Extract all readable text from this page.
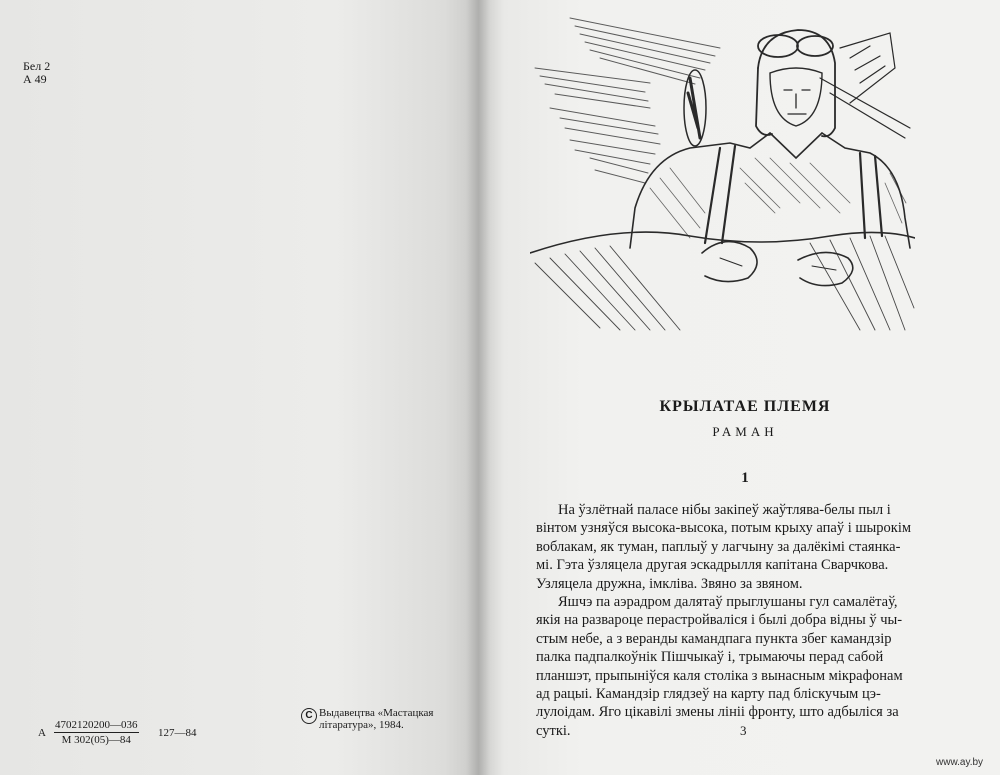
Бел 2
А 49
А
4702120200—036
М 302(05)—84
127—84
C Выдавецтва «Мастацкая
літаратура», 1984.
КРЫЛАТАЕ ПЛЕМЯ
РАМАН
1
На ўзлётнай паласе нібы закіпеў жаўтлява-белы пыл і
вінтом узняўся высока-высока, потым крыху апаў і шырокім
воблакам, як туман, паплыў у лагчыну за далёкімі стаянка-
мі. Гэта ўзляцела другая эскадрылля капітана Сварчкова.
Узляцела дружна, імкліва. Звяно за звяном.
Яшчэ па аэрадром далятаў прыглушаны гул самалётаў,
якія на развароце перастройваліся і былі добра відны ў чы-
стым небе, а з веранды камандпага пункта збег камандзір
палка падпалкоўнік Пішчыкаў і, трымаючы перад сабой
планшэт, прыпыніўся каля століка з вынасным мікрафонам
ад рацыі. Камандзір глядзеў на карту пад бліскучым цэ-
лулоідам. Яго цікавілі змены лініі фронту, што адбыліся за
суткі.	3
www.ay.by
